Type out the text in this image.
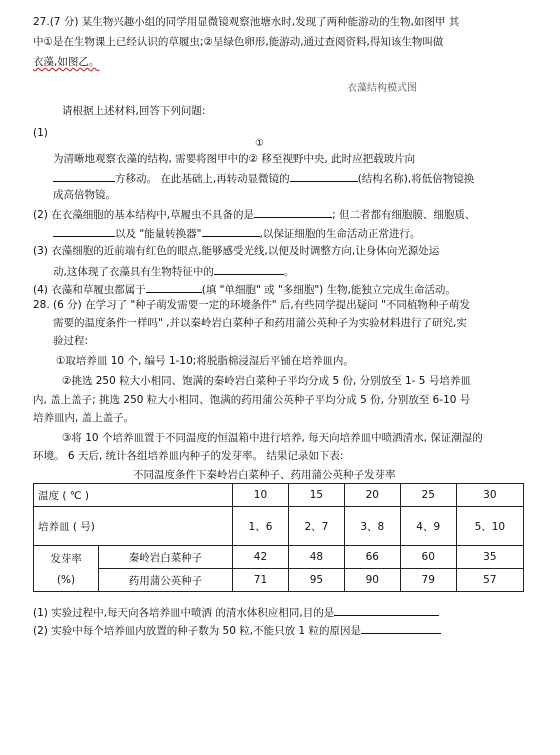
27.(7 分) 某生物兴趣小组的同学用显微镜观察池塘水时,发现了两种能游动的生物,如图甲 其
中①是在生物课上已经认识的草履虫;②呈绿色卵形,能游动,通过查阅资料,得知该生物叫做
衣藻,如图乙。
衣藻结构模式图
请根据上述材料,回答下列问题:
(1)
①
为清晰地观察衣藻的结构, 需要将图甲中的② 移至视野中央, 此时应把载玻片向
方移动。 在此基础上,再转动显微镜的	(结构名称),将低倍物镜换
成高倍物镜。
(2) 在衣藻细胞的基本结构中,草履虫不具备的是	; 但二者都有细胞膜、细胞质、
以及 "能量转换器"	,以保证细胞的生命活动正常进行。
(3) 衣藻细胞的近前端有红色的眼点,能够感受光线,以便及时调整方向,让身体向光源处运
动,这体现了衣藻具有生物特征中的	。
(4) 衣藻和草履虫都属于	(填 "单细胞" 或 "多细胞") 生物,能独立完成生命活动。
28. (6 分) 在学习了 "种子萌发需要一定的环境条件" 后,有些同学提出疑问 "不同植物种子萌发
需要的温度条件一样吗" ,并以秦岭岩白菜种子和药用蒲公英种子为实验材料进行了研究,实
验过程:
①取培养皿 10 个, 编号 1-10;将脱脂棉浸湿后平铺在培养皿内。
②挑选 250 粒大小相同、饱满的秦岭岩白菜种子平均分成 5 份, 分别放至 1- 5 号培养皿
内, 盖上盖子; 挑选 250 粒大小相同、饱满的药用蒲公英种子平均分成 5 份, 分别放至 6-10 号
培养皿内, 盖上盖子。
③将 10 个培养皿置于不同温度的恒温箱中进行培养, 每天向培养皿中喷洒清水, 保证潮湿的
环境。 6 天后, 统计各组培养皿内种子的发芽率。 结果记录如下表:
不同温度条件下秦岭岩白菜种子、药用蒲公英种子发芽率
温度 ( ℃ )		10	15	20	25	30
培养皿 ( 号)		1、6	2、7	3、8	4、9	5、10

发芽率
(%)	秦岭岩白菜种子	42	48	66	60	35
	药用蒲公英种子	71	95	90	79	57
(1) 实验过程中,每天向各培养皿中喷洒 的清水体积应相同,目的是
(2) 实验中每个培养皿内放置的种子数为 50 粒,不能只放 1 粒的原因是
